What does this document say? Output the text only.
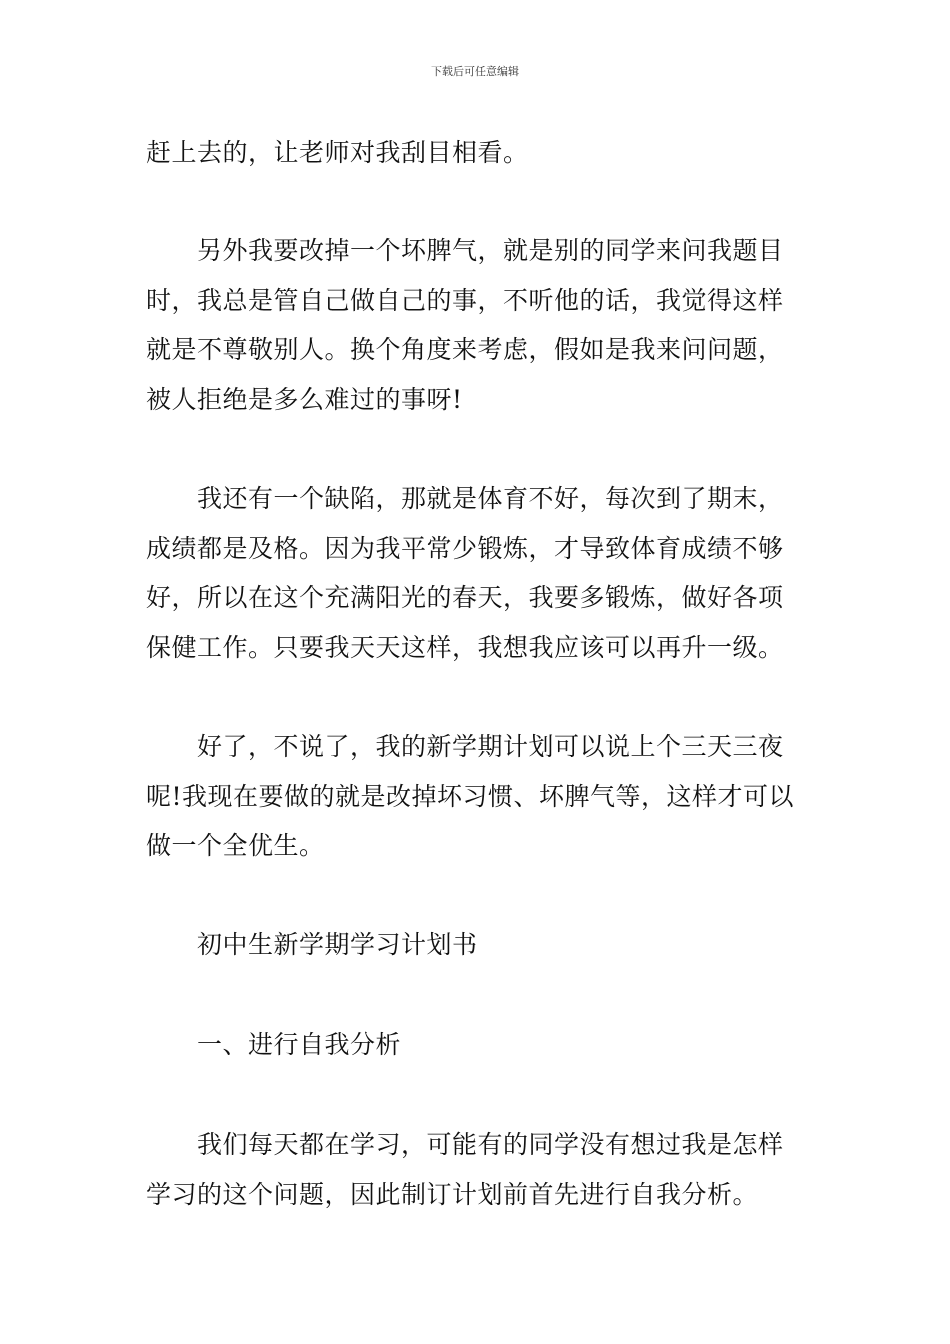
下载后可任意编辑
赶上去的，让老师对我刮目相看。
另外我要改掉一个坏脾气，就是别的同学来问我题目
时，我总是管自己做自己的事，不听他的话，我觉得这样
就是不尊敬别人。换个角度来考虑，假如是我来问问题，
被人拒绝是多么难过的事呀!
我还有一个缺陷，那就是体育不好，每次到了期末，
成绩都是及格。因为我平常少锻炼，才导致体育成绩不够
好，所以在这个充满阳光的春天，我要多锻炼，做好各项
保健工作。只要我天天这样，我想我应该可以再升一级。
好了，不说了，我的新学期计划可以说上个三天三夜
呢!我现在要做的就是改掉坏习惯、坏脾气等，这样才可以
做一个全优生。
初中生新学期学习计划书
一、进行自我分析
我们每天都在学习，可能有的同学没有想过我是怎样
学习的这个问题，因此制订计划前首先进行自我分析。
